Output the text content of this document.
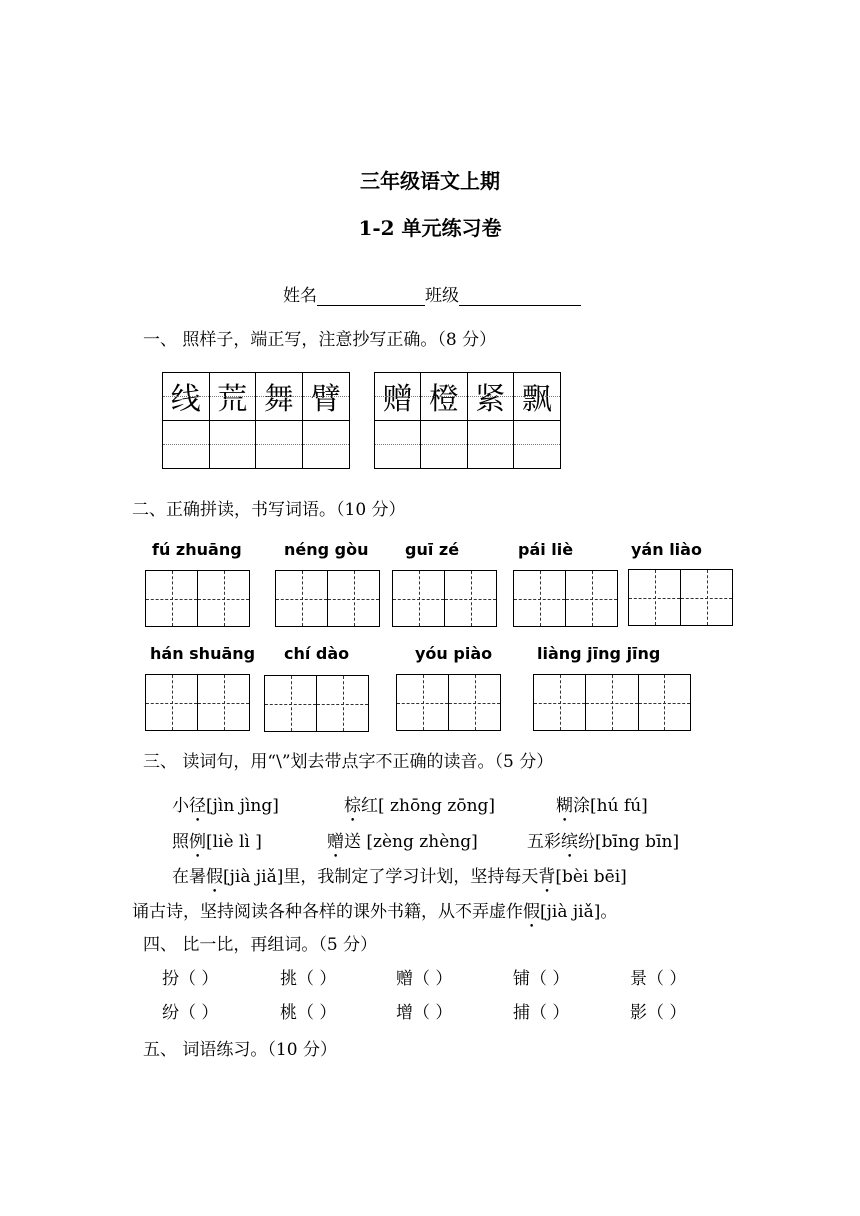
三年级语文上期
1-2 单元练习卷
姓名	班级
一、 照样子，端正写，注意抄写正确。（8 分）
线 荒 舞 臂 赠 橙 紧 飘
二、正确拼读，书写词语。（10 分）
fú zhuāng	néng gòu guī zé	pái liè	yán liào
hán shuāng chí dào	yóu piào	liàng jīng jīng
三、 读词句，用“\”划去带点字不正确的读音。（5 分）
小径[jìn jìng]	棕红[ zhōng zōng]	糊涂[hú fú]
照例[liè lì ]	赠送 [zèng zhèng]	五彩缤纷[bīng bīn]
在暑假[jià jiǎ]里，我制定了学习计划，坚持每天背[bèi bēi]
诵古诗，坚持阅读各种各样的课外书籍，从不弄虚作假[jià jiǎ]。
四、 比一比，再组词。（5 分）
扮（ ）	挑（ ）	赠（ ）	铺（ ）	景（ ）
纷（ ）	桃（ ）	增（ ）	捕（ ）	影（ ）
五、 词语练习。（10 分）
